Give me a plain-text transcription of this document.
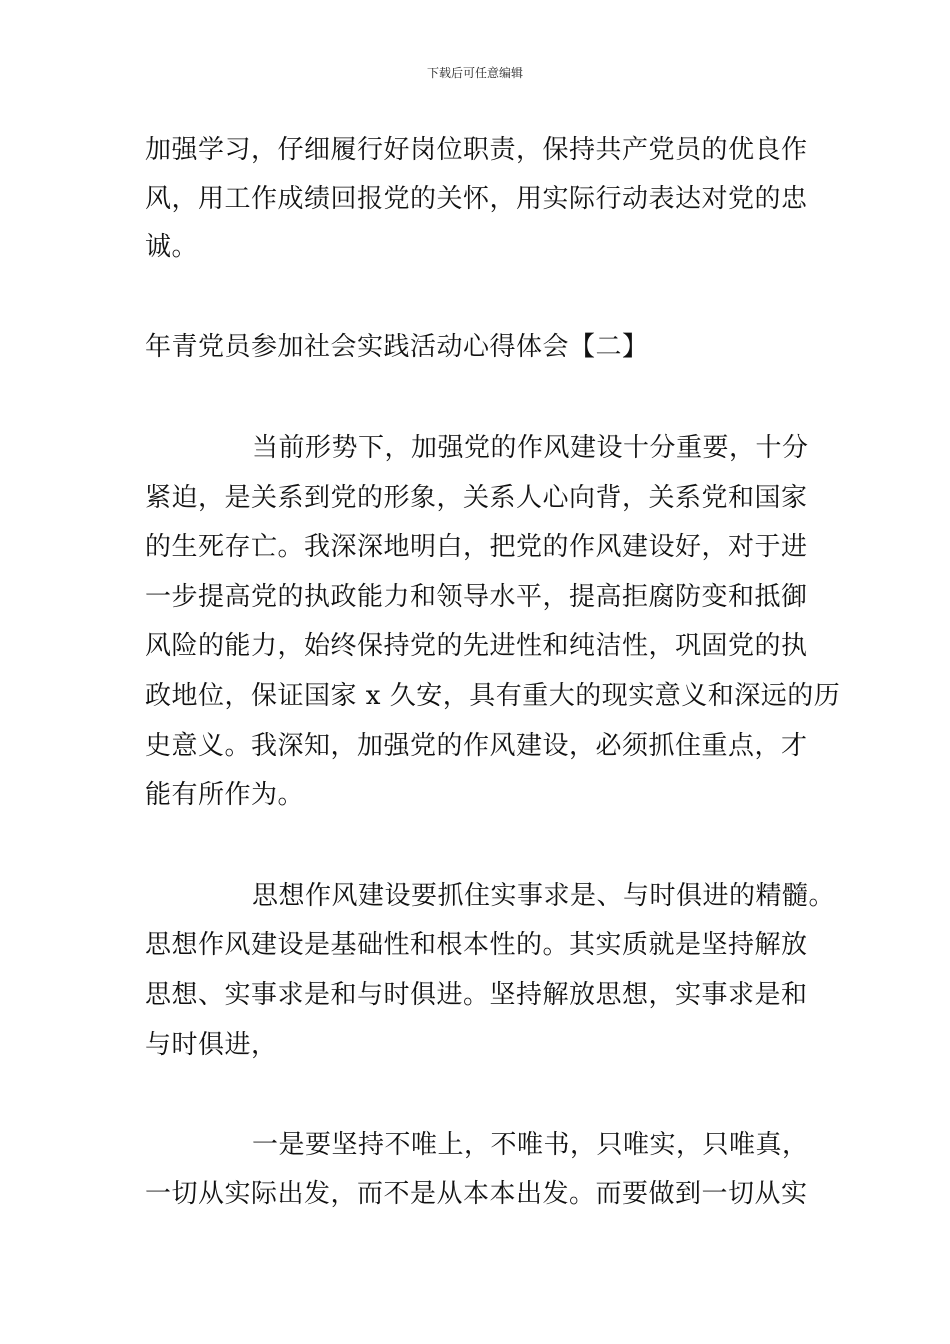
下载后可任意编辑
加强学习，仔细履行好岗位职责，保持共产党员的优良作
风，用工作成绩回报党的关怀，用实际行动表达对党的忠
诚。
年青党员参加社会实践活动心得体会【二】
当前形势下，加强党的作风建设十分重要，十分
紧迫，是关系到党的形象，关系人心向背，关系党和国家
的生死存亡。我深深地明白，把党的作风建设好，对于进
一步提高党的执政能力和领导水平，提高拒腐防变和抵御
风险的能力，始终保持党的先进性和纯洁性，巩固党的执
政地位，保证国家 x 久安，具有重大的现实意义和深远的历
史意义。我深知，加强党的作风建设，必须抓住重点，才
能有所作为。
思想作风建设要抓住实事求是、与时俱进的精髓。
思想作风建设是基础性和根本性的。其实质就是坚持解放
思想、实事求是和与时俱进。坚持解放思想，实事求是和
与时俱进，
一是要坚持不唯上，不唯书，只唯实，只唯真，
一切从实际出发，而不是从本本出发。而要做到一切从实
